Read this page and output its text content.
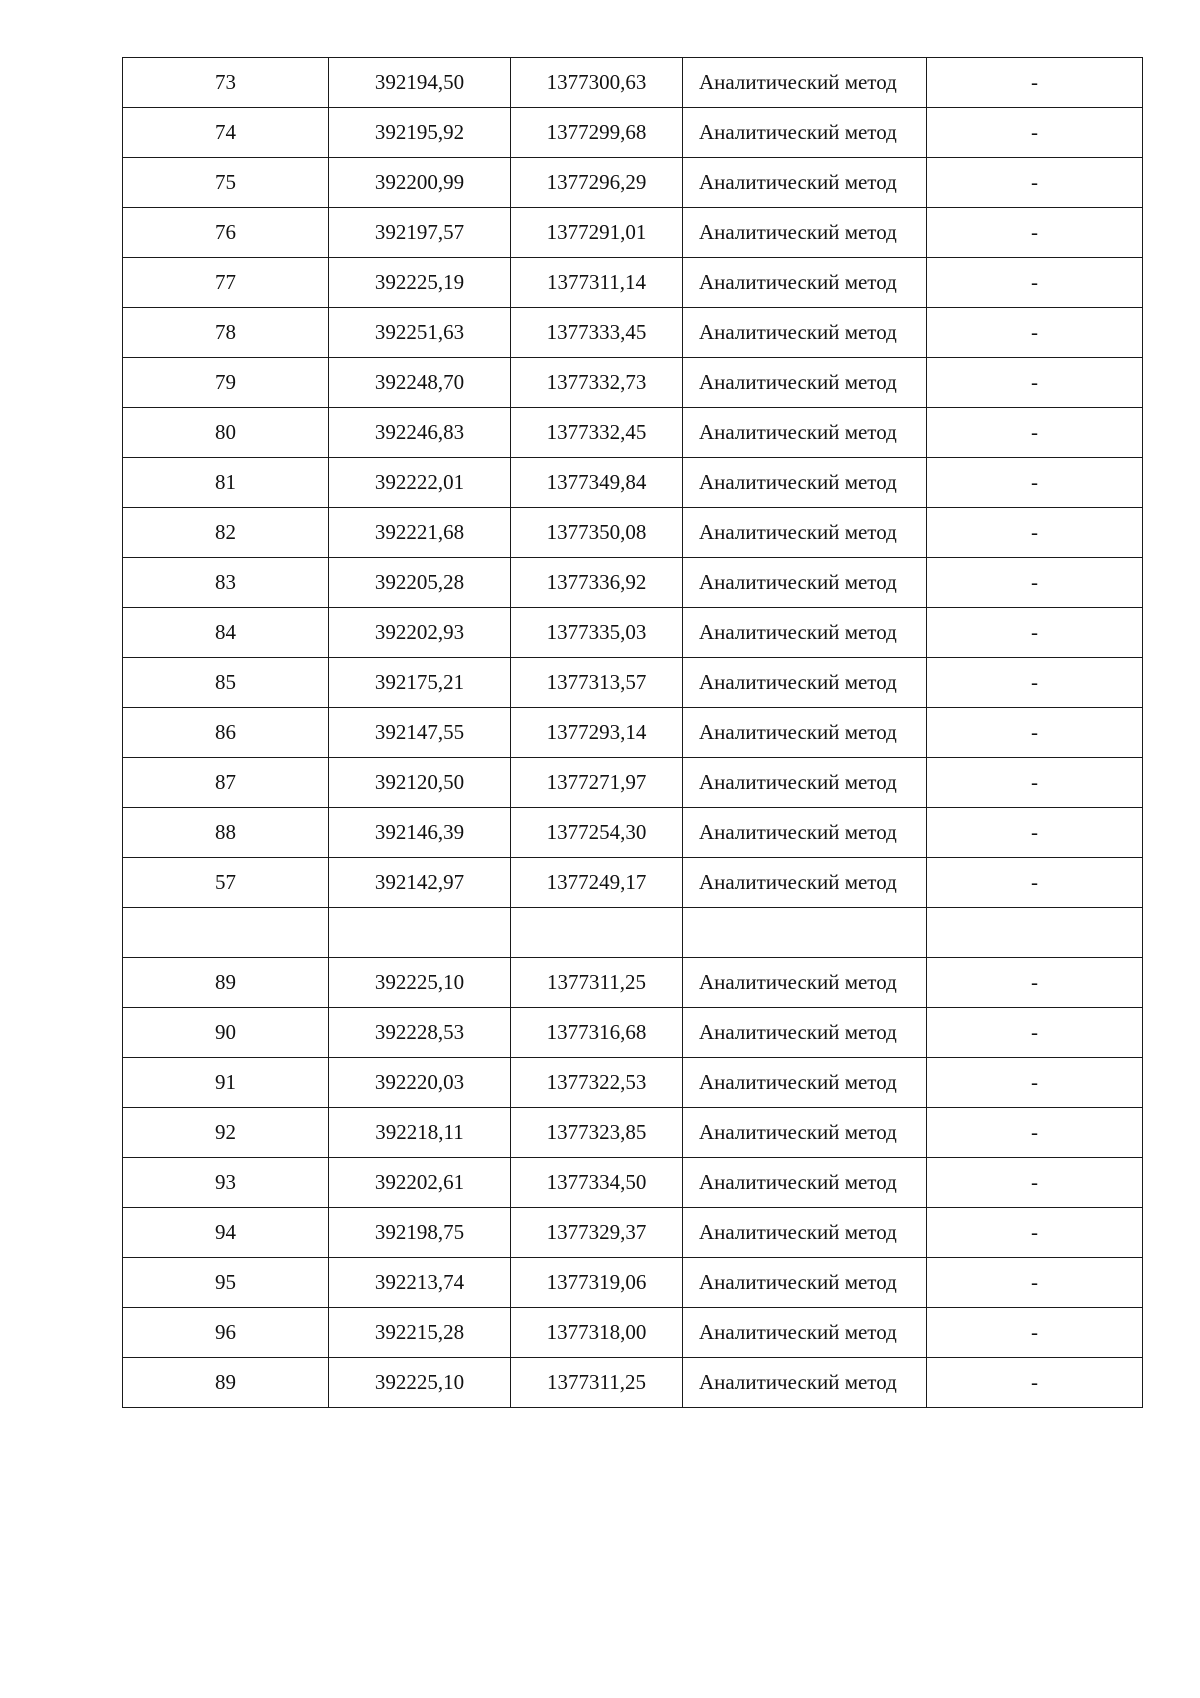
73	392194,50	1377300,63	Аналитический метод	-
74	392195,92	1377299,68	Аналитический метод	-
75	392200,99	1377296,29	Аналитический метод	-
76	392197,57	1377291,01	Аналитический метод	-
77	392225,19	1377311,14	Аналитический метод	-
78	392251,63	1377333,45	Аналитический метод	-
79	392248,70	1377332,73	Аналитический метод	-
80	392246,83	1377332,45	Аналитический метод	-
81	392222,01	1377349,84	Аналитический метод	-
82	392221,68	1377350,08	Аналитический метод	-
83	392205,28	1377336,92	Аналитический метод	-
84	392202,93	1377335,03	Аналитический метод	-
85	392175,21	1377313,57	Аналитический метод	-
86	392147,55	1377293,14	Аналитический метод	-
87	392120,50	1377271,97	Аналитический метод	-
88	392146,39	1377254,30	Аналитический метод	-
57	392142,97	1377249,17	Аналитический метод	-

89	392225,10	1377311,25	Аналитический метод	-
90	392228,53	1377316,68	Аналитический метод	-
91	392220,03	1377322,53	Аналитический метод	-
92	392218,11	1377323,85	Аналитический метод	-
93	392202,61	1377334,50	Аналитический метод	-
94	392198,75	1377329,37	Аналитический метод	-
95	392213,74	1377319,06	Аналитический метод	-
96	392215,28	1377318,00	Аналитический метод	-
89	392225,10	1377311,25	Аналитический метод	-
